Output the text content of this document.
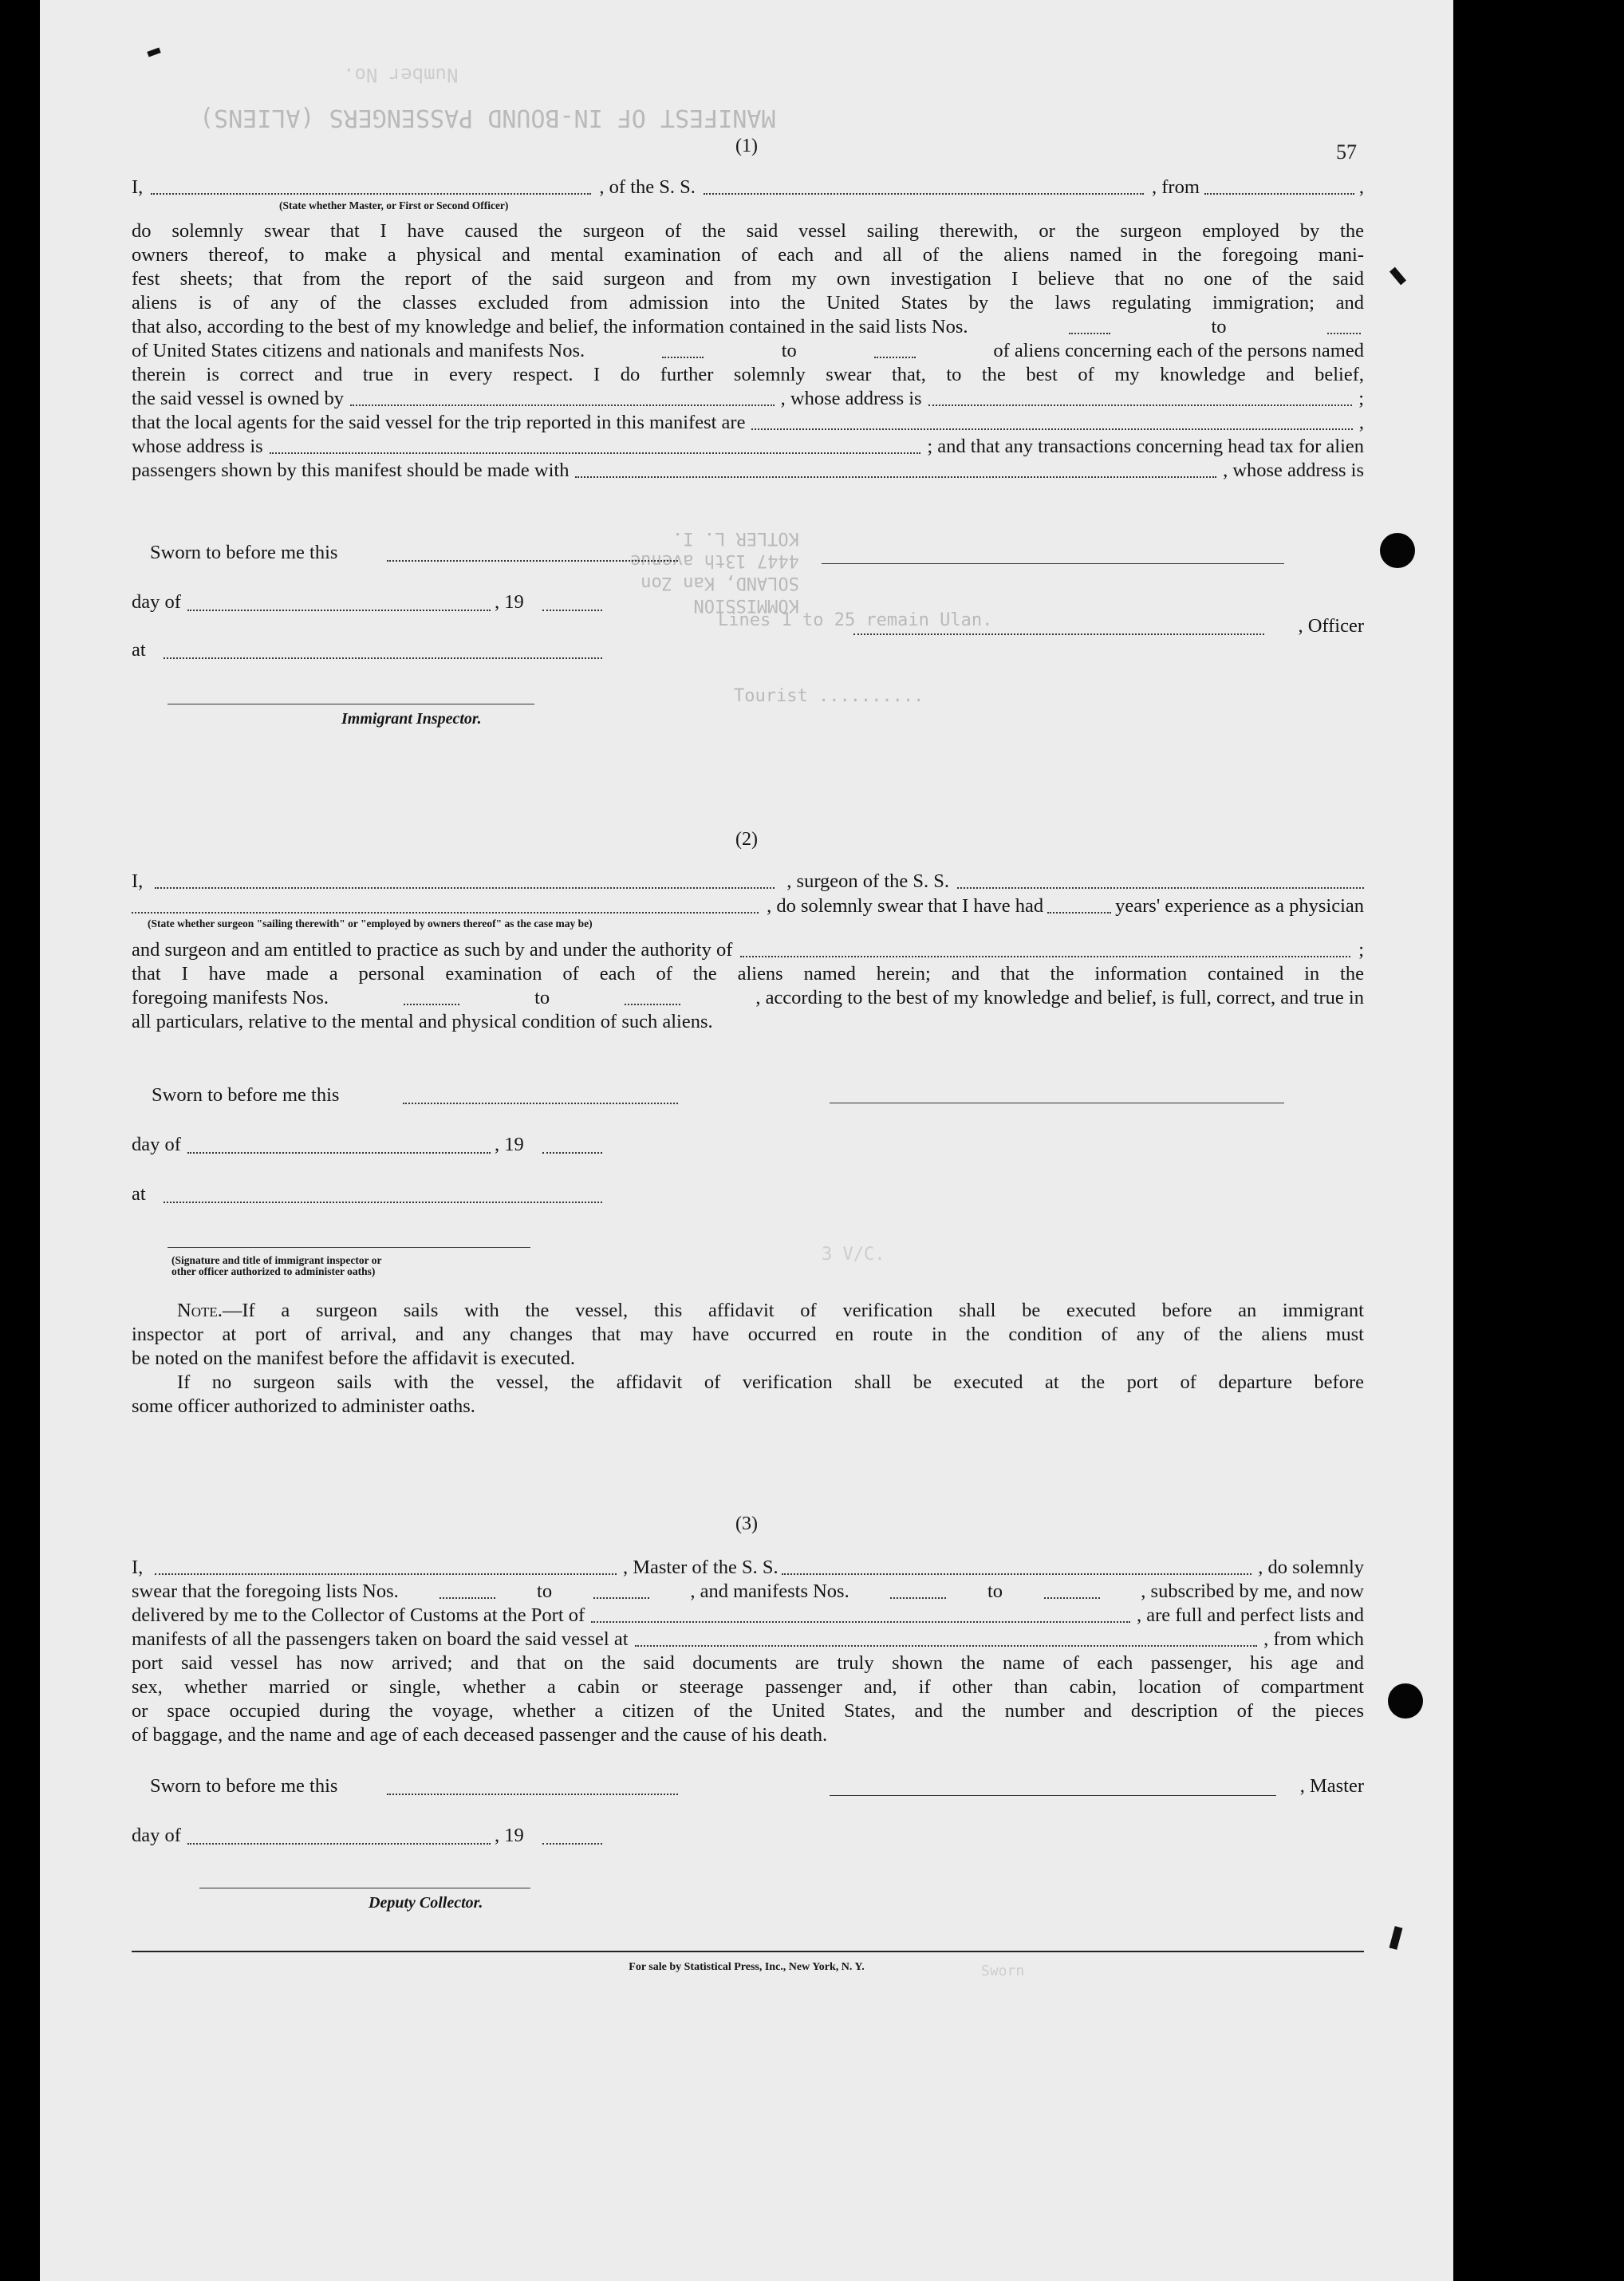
MANIFEST OF IN-BOUND PASSENGERS (ALIENS)
Number No.
KOMMISSION
SOLAND, Kan Zon
4447 13th avenue
KOTLER L. I.
Lines 1 to 25 remain Ulan.
Tourist ..........
3 V/C.
Sworn
(1)
I,	, of the S. S.	, from	,
(State whether Master, or First or Second Officer)
do solemnly swear that I have caused the surgeon of the said vessel sailing therewith, or the surgeon employed by the
owners thereof, to make a physical and mental examination of each and all of the aliens named in the foregoing mani-
fest sheets; that from the report of the said surgeon and from my own investigation I believe that no one of the said
aliens is of any of the classes excluded from admission into the United States by the laws regulating immigration; and
that also, according to the best of my knowledge and belief, the information contained in the said lists Nos.	to
of United States citizens and nationals and manifests Nos.	to	of aliens concerning each of the persons named
therein is correct and true in every respect. I do further solemnly swear that, to the best of my knowledge and belief,
the said vessel is owned by	, whose address is	;
that the local agents for the said vessel for the trip reported in this manifest are	,
whose address is	; and that any transactions concerning head tax for alien
passengers shown by this manifest should be made with	, whose address is
Sworn to before me this
day of	, 19
at
, Officer
Immigrant Inspector.
(2)
I,	, surgeon of the S. S.
, do solemnly swear that I have had	years' experience as a physician
(State whether surgeon "sailing therewith" or "employed by owners thereof" as the case may be)
and surgeon and am entitled to practice as such by and under the authority of	;
that I have made a personal examination of each of the aliens named herein; and that the information contained in the
foregoing manifests Nos.	to	, according to the best of my knowledge and belief, is full, correct, and true in
all particulars, relative to the mental and physical condition of such aliens.
Sworn to before me this
day of	, 19
at
(Signature and title of immigrant inspector or
other officer authorized to administer oaths)
Note. —If a surgeon sails with the vessel, this affidavit of verification shall be executed before an immigrant
inspector at port of arrival, and any changes that may have occurred en route in the condition of any of the aliens must
be noted on the manifest before the affidavit is executed.
If no surgeon sails with the vessel, the affidavit of verification shall be executed at the port of departure before
some officer authorized to administer oaths.
(3)
I,	, Master of the S. S.	, do solemnly
swear that the foregoing lists Nos.	to	, and manifests Nos.	to	, subscribed by me, and now
delivered by me to the Collector of Customs at the Port of	, are full and perfect lists and
manifests of all the passengers taken on board the said vessel at	, from which
port said vessel has now arrived; and that on the said documents are truly shown the name of each passenger, his age and
sex, whether married or single, whether a cabin or steerage passenger and, if other than cabin, location of compartment
or space occupied during the voyage, whether a citizen of the United States, and the number and description of the pieces
of baggage, and the name and age of each deceased passenger and the cause of his death.
Sworn to before me this	, Master
day of	, 19
Deputy Collector.
For sale by Statistical Press, Inc., New York, N. Y.
57
